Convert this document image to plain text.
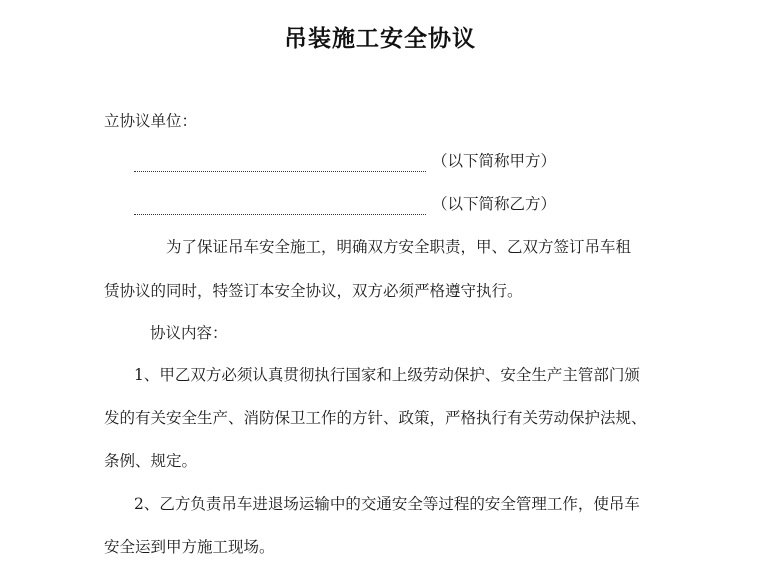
吊装施工安全协议
立协议单位：
（以下简称甲方）
（以下简称乙方）
为了保证吊车安全施工，明确双方安全职责，甲、乙双方签订吊车租
赁协议的同时，特签订本安全协议，双方必须严格遵守执行。
协议内容：
1、甲乙双方必须认真贯彻执行国家和上级劳动保护、安全生产主管部门颁
发的有关安全生产、消防保卫工作的方针、政策，严格执行有关劳动保护法规、
条例、规定。
2、乙方负责吊车进退场运输中的交通安全等过程的安全管理工作，使吊车
安全运到甲方施工现场。
